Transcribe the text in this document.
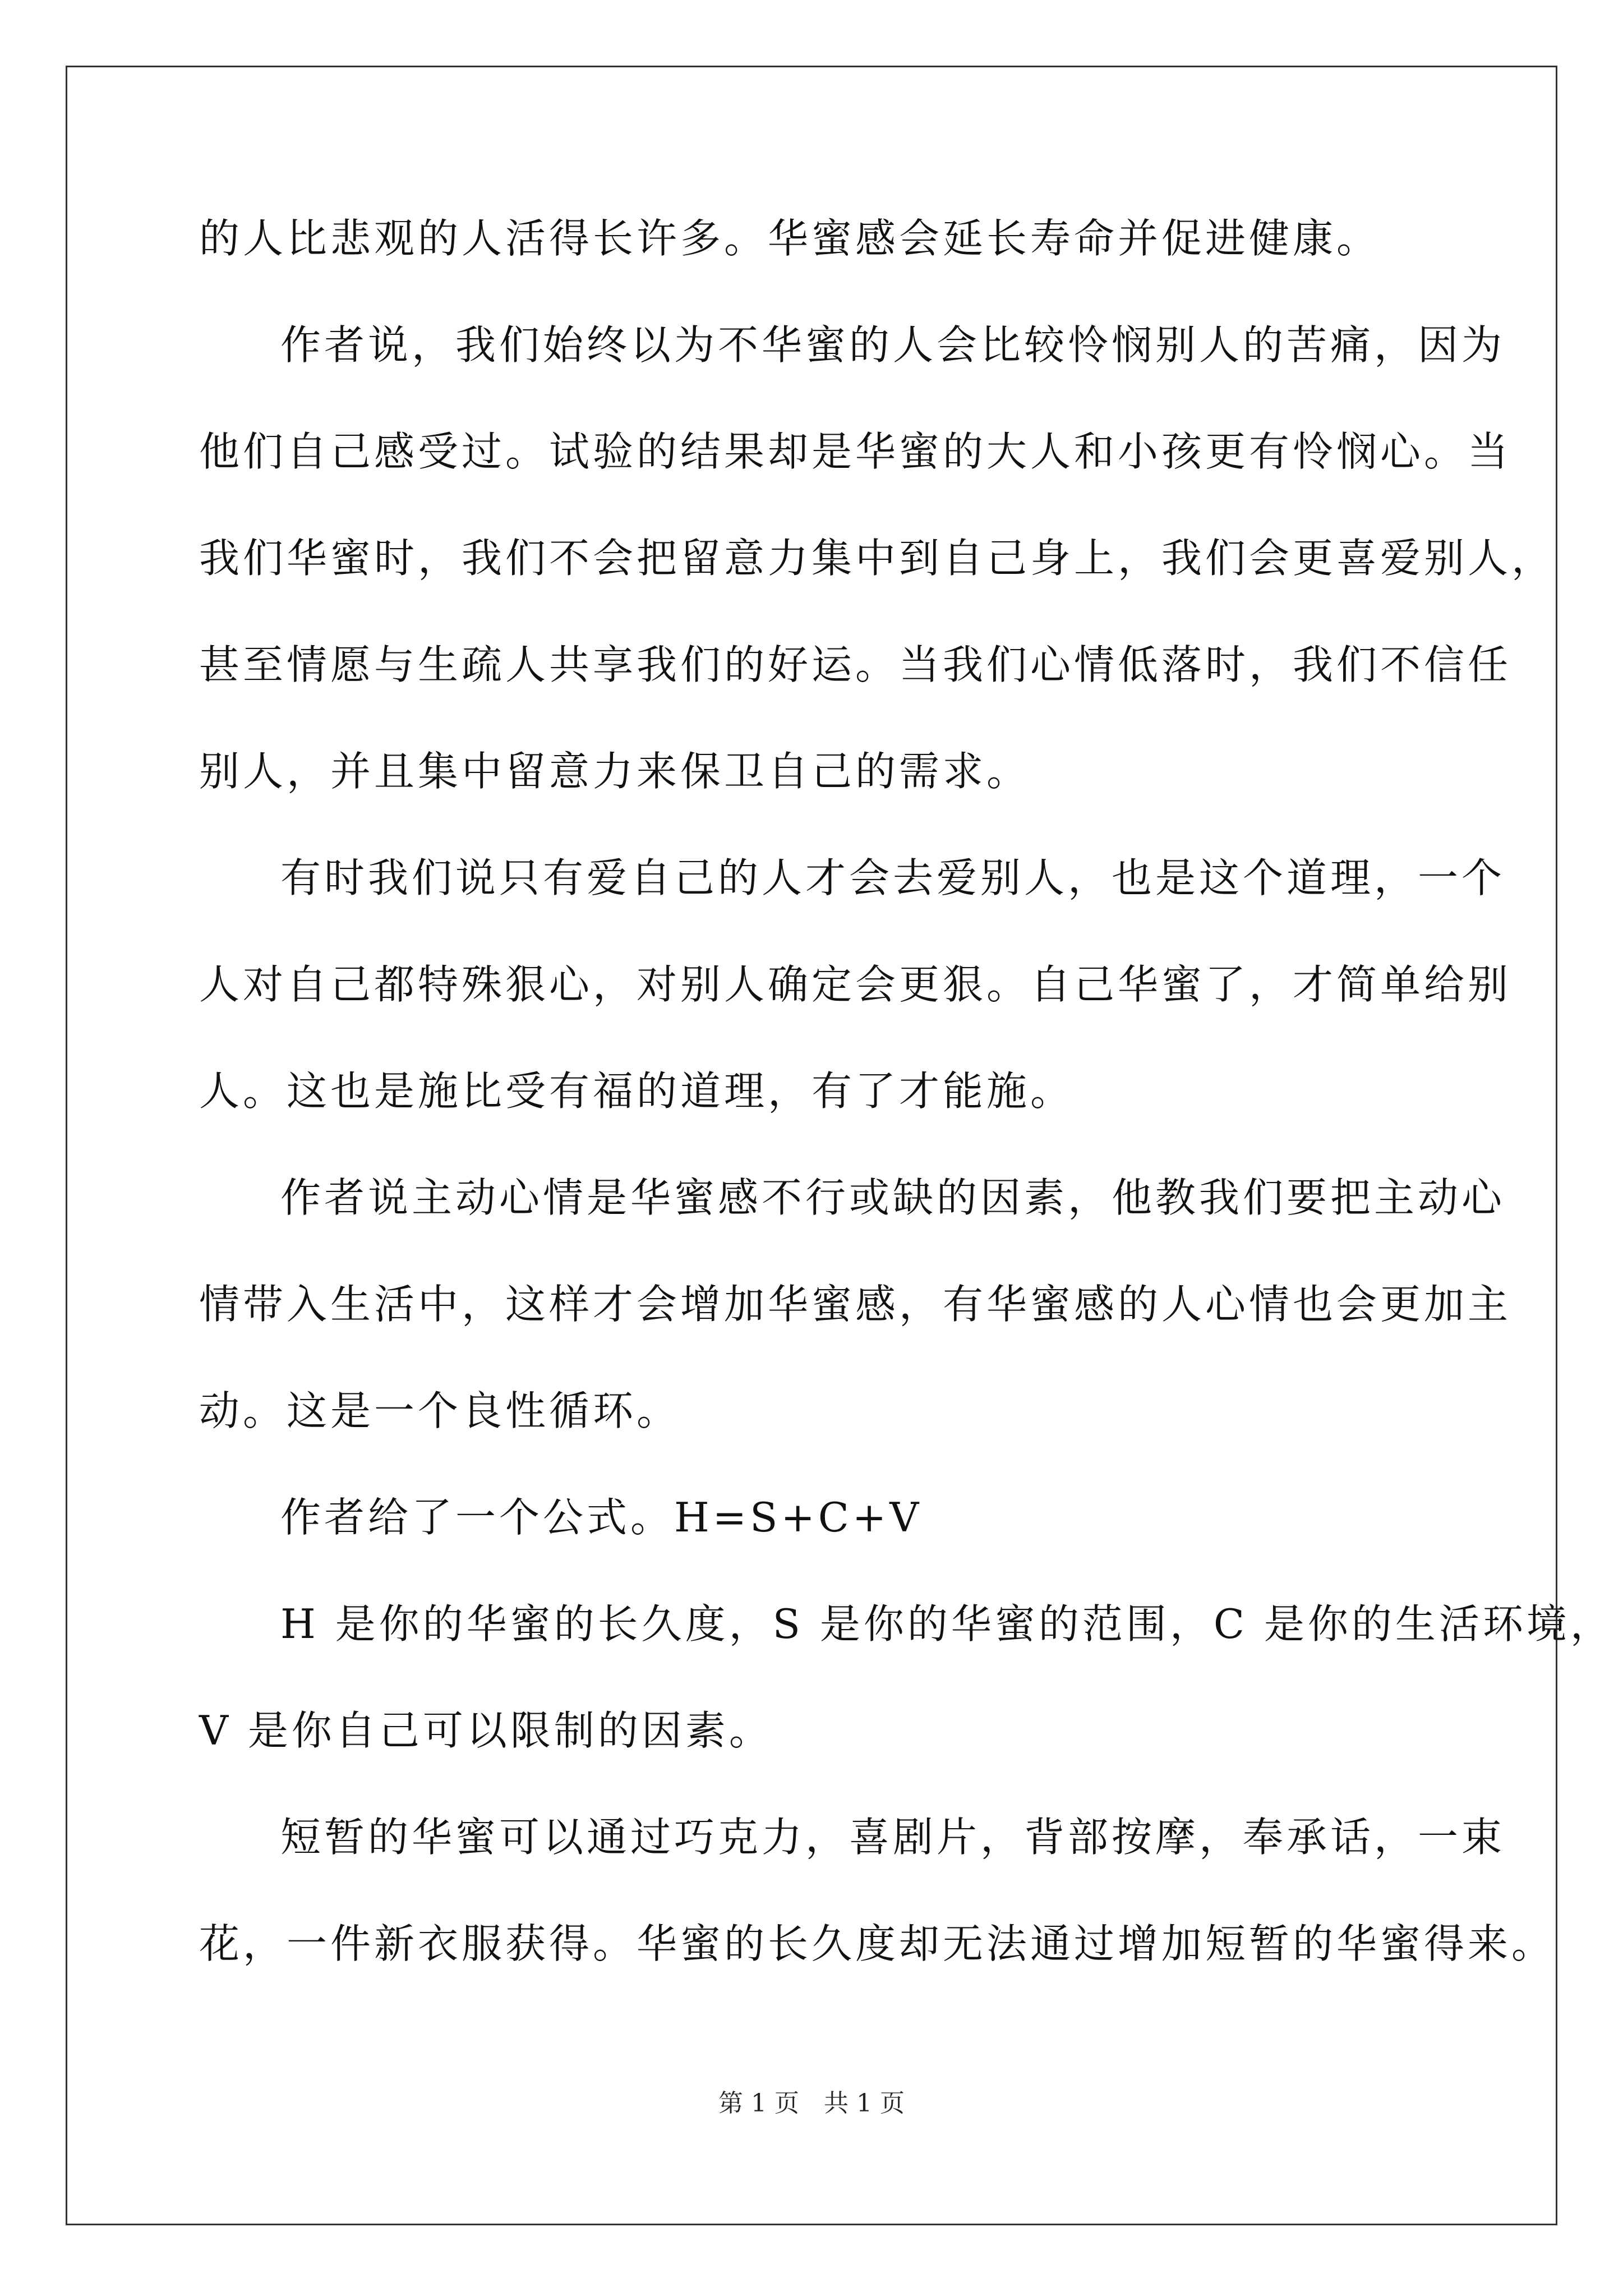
的人比悲观的人活得长许多。华蜜感会延长寿命并促进健康。
作者说，我们始终以为不华蜜的人会比较怜悯别人的苦痛，因为
他们自己感受过。试验的结果却是华蜜的大人和小孩更有怜悯心。当
我们华蜜时，我们不会把留意力集中到自己身上，我们会更喜爱别人，
甚至情愿与生疏人共享我们的好运。当我们心情低落时，我们不信任
别人，并且集中留意力来保卫自己的需求。
有时我们说只有爱自己的人才会去爱别人，也是这个道理，一个
人对自己都特殊狠心，对别人确定会更狠。自己华蜜了，才简单给别
人。这也是施比受有福的道理，有了才能施。
作者说主动心情是华蜜感不行或缺的因素，他教我们要把主动心
情带入生活中，这样才会增加华蜜感，有华蜜感的人心情也会更加主
动。这是一个良性循环。
作者给了一个公式。H=S+C+V
H 是你的华蜜的长久度，S 是你的华蜜的范围，C 是你的生活环境，
V 是你自己可以限制的因素。
短暂的华蜜可以通过巧克力，喜剧片，背部按摩，奉承话，一束
花，一件新衣服获得。华蜜的长久度却无法通过增加短暂的华蜜得来。
第 1 页　共 1 页
